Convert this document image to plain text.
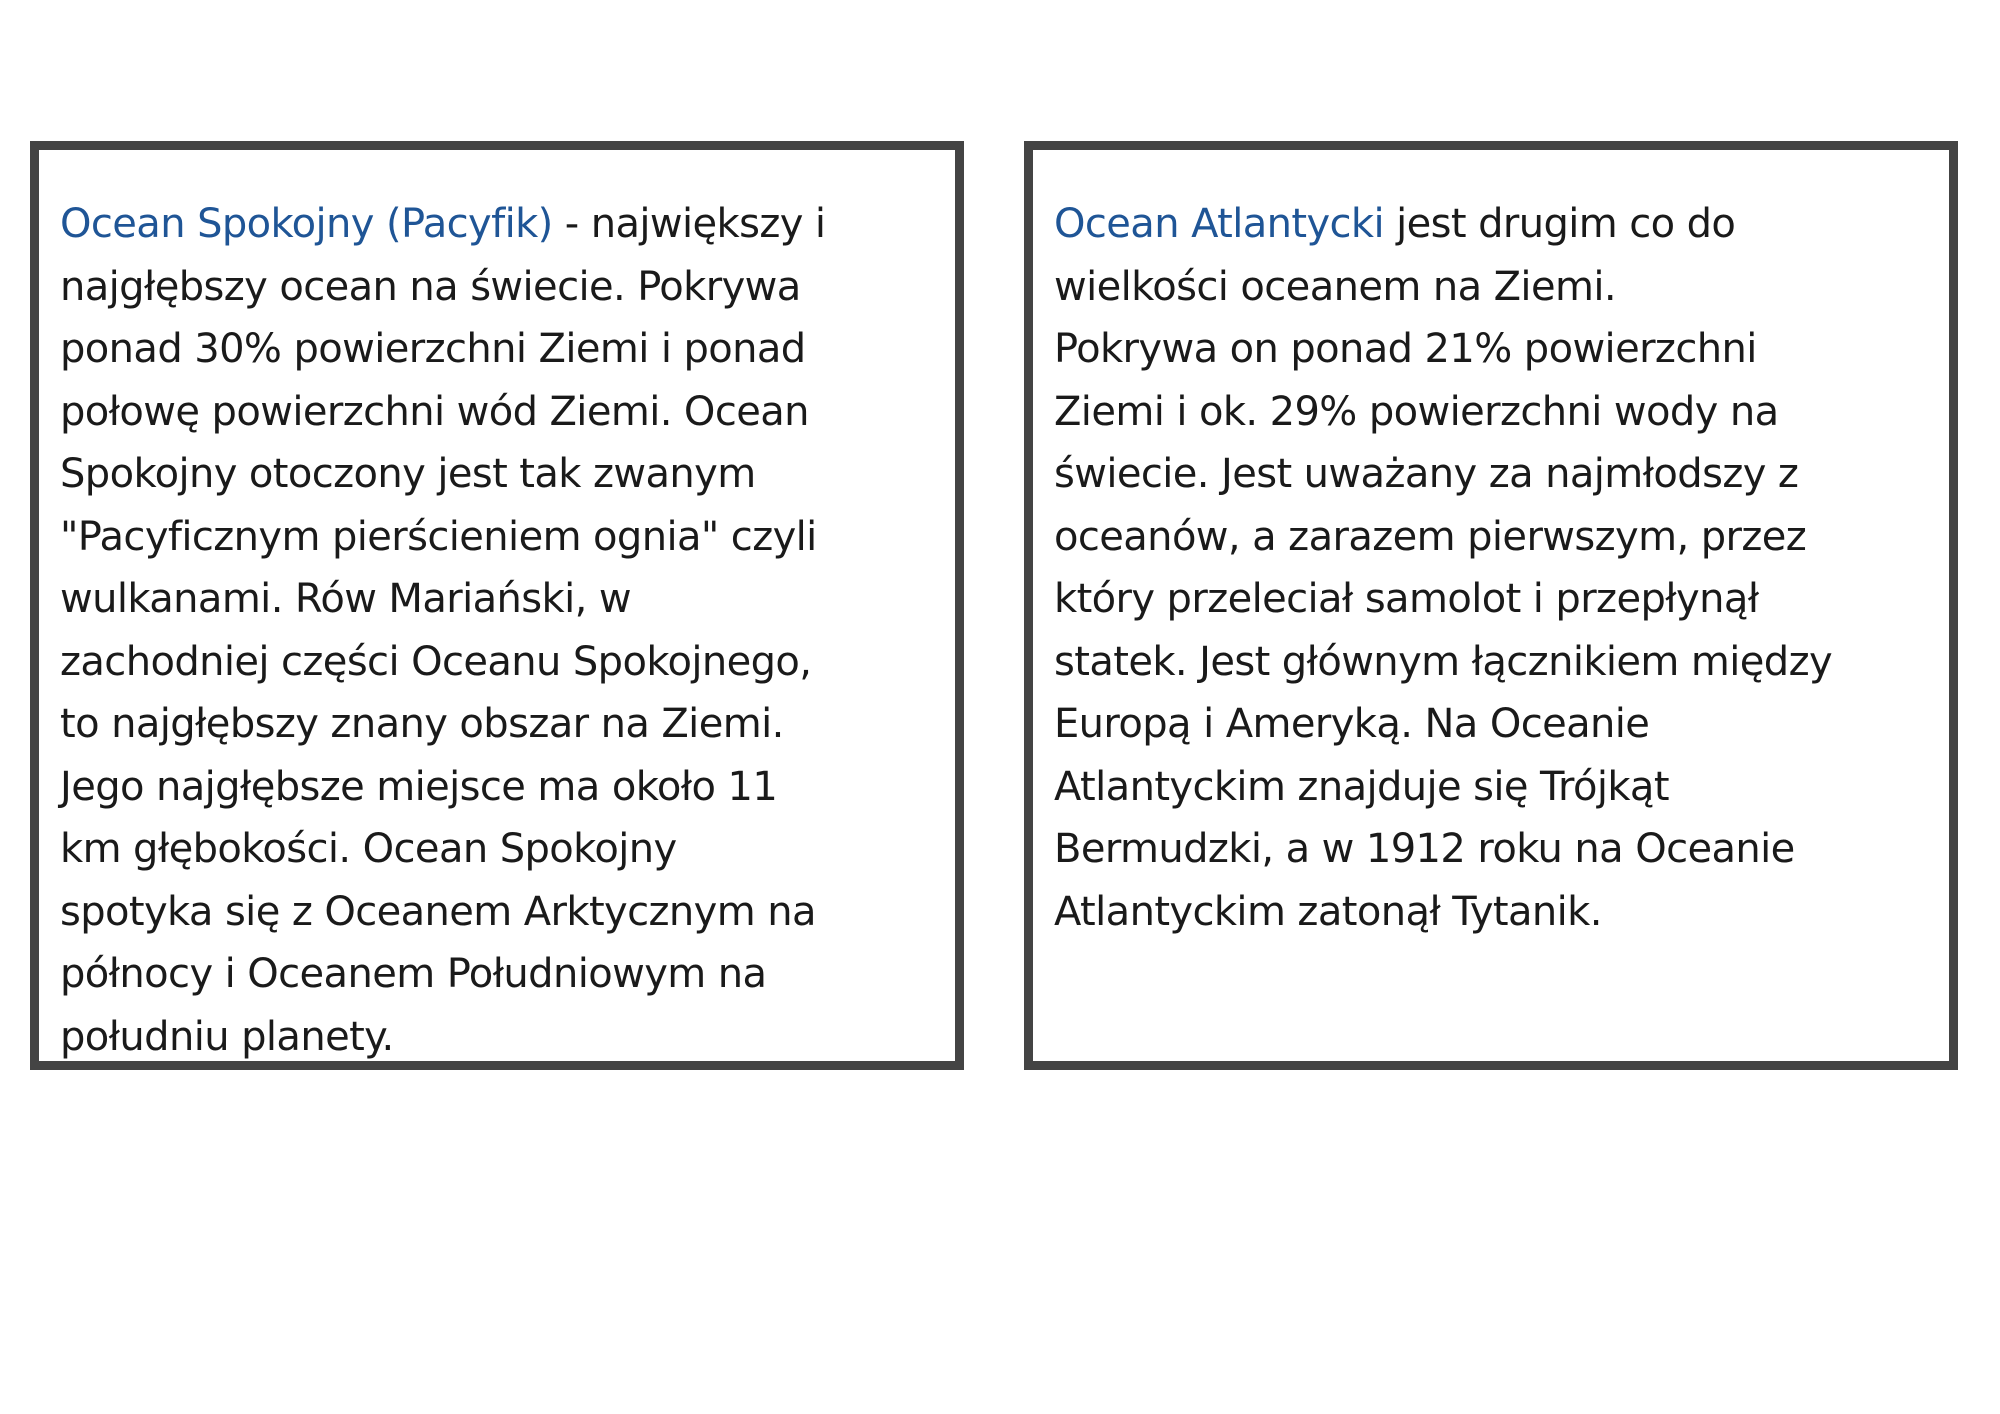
Ocean Spokojny (Pacyfik) - największy i
najgłębszy ocean na świecie. Pokrywa
ponad 30% powierzchni Ziemi i ponad
połowę powierzchni wód Ziemi. Ocean
Spokojny otoczony jest tak zwanym
"Pacyficznym pierścieniem ognia" czyli
wulkanami. Rów Mariański, w
zachodniej części Oceanu Spokojnego,
to najgłębszy znany obszar na Ziemi.
Jego najgłębsze miejsce ma około 11
km głębokości. Ocean Spokojny
spotyka się z Oceanem Arktycznym na
północy i Oceanem Południowym na
południu planety.
Ocean Atlantycki jest drugim co do
wielkości oceanem na Ziemi.
Pokrywa on ponad 21% powierzchni
Ziemi i ok. 29% powierzchni wody na
świecie. Jest uważany za najmłodszy z
oceanów, a zarazem pierwszym, przez
który przeleciał samolot i przepłynął
statek. Jest głównym łącznikiem między
Europą i Ameryką. Na Oceanie
Atlantyckim znajduje się Trójkąt
Bermudzki, a w 1912 roku na Oceanie
Atlantyckim zatonął Tytanik.
